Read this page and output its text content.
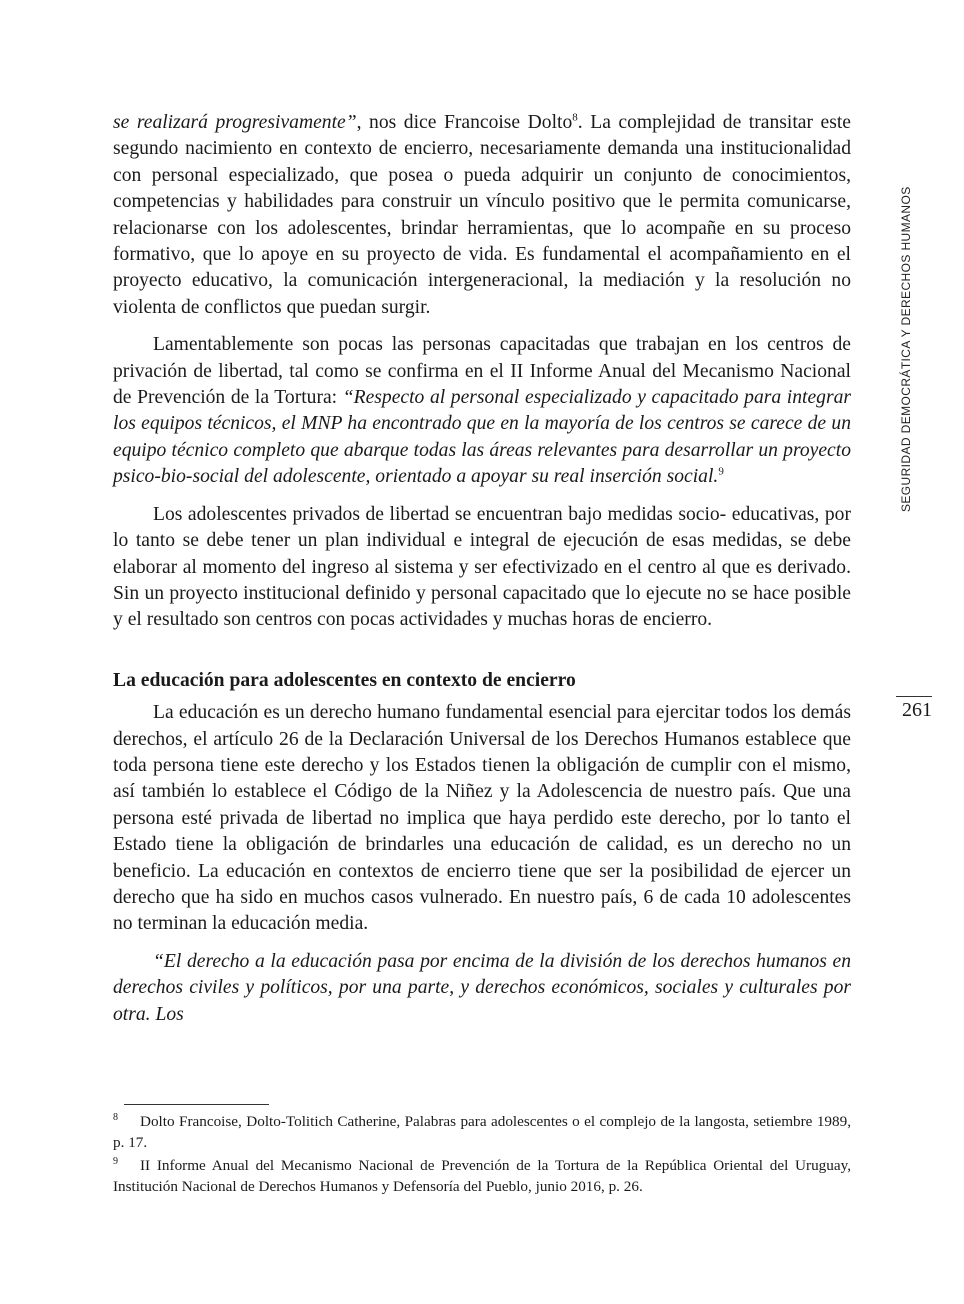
SEGURIDAD DEMOCRÁTICA Y DERECHOS HUMANOS
261

se realizará progresivamente”, nos dice Francoise Dolto$^8$. La complejidad de transitar este segundo nacimiento en contexto de encierro, necesariamente demanda una institucionalidad con personal especializado, que posea o pueda adquirir un conjunto de conocimientos, competencias y habilidades para construir un vínculo positivo que le permita comunicarse, relacionarse con los adolescentes, brindar herramientas, que lo acompañe en su proceso formativo, que lo apoye en su proyecto de vida. Es fundamental el acompañamiento en el proyecto educativo, la comunicación intergeneracional, la mediación y la resolución no violenta de conflictos que puedan surgir.

Lamentablemente son pocas las personas capacitadas que trabajan en los centros de privación de libertad, tal como se confirma en el II Informe Anual del Mecanismo Nacional de Prevención de la Tortura: “Respecto al personal especializado y capacitado para integrar los equipos técnicos, el MNP ha encontrado que en la mayoría de los centros se carece de un equipo técnico completo que abarque todas las áreas relevantes para desarrollar un proyecto psico-bio-social del adolescente, orientado a apoyar su real inserción social.$^9$

Los adolescentes privados de libertad se encuentran bajo medidas socio- educativas, por lo tanto se debe tener un plan individual e integral de ejecución de esas medidas, se debe elaborar al momento del ingreso al sistema y ser efectivizado en el centro al que es derivado. Sin un proyecto institucional definido y personal capacitado que lo ejecute no se hace posible y el resultado son centros con pocas actividades y muchas horas de encierro.

La educación para adolescentes en contexto de encierro

La educación es un derecho humano fundamental esencial para ejercitar todos los demás derechos, el artículo 26 de la Declaración Universal de los Derechos Humanos establece que toda persona tiene este derecho y los Estados tienen la obligación de cumplir con el mismo, así también lo establece el Código de la Niñez y la Adolescencia de nuestro país. Que una persona esté privada de libertad no implica que haya perdido este derecho, por lo tanto el Estado tiene la obligación de brindarles una educación de calidad, es un derecho no un beneficio. La educación en contextos de encierro tiene que ser la posibilidad de ejercer un derecho que ha sido en muchos casos vulnerado. En nuestro país, 6 de cada 10 adolescentes no terminan la educación media.

“El derecho a la educación pasa por encima de la división de los derechos humanos en derechos civiles y políticos, por una parte, y derechos económicos, sociales y culturales por otra. Los

$^8$ Dolto Francoise, Dolto-Tolitich Catherine, Palabras para adolescentes o el complejo de la langosta, setiembre 1989, p. 17.

$^9$ II Informe Anual del Mecanismo Nacional de Prevención de la Tortura de la República Oriental del Uruguay, Institución Nacional de Derechos Humanos y Defensoría del Pueblo, junio 2016, p. 26.
